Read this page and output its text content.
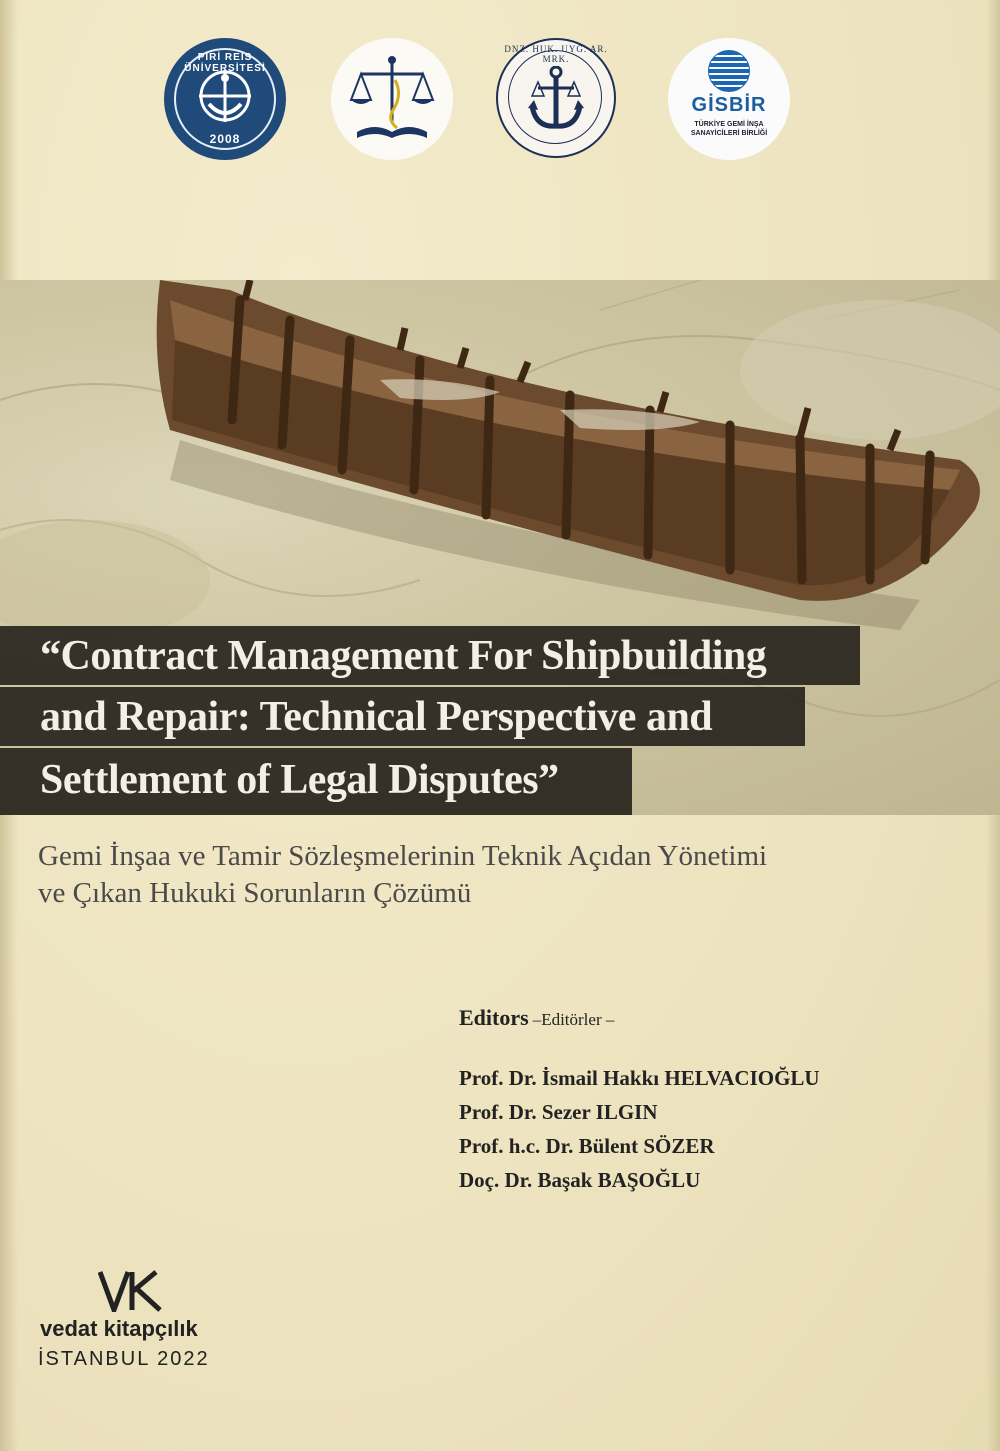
PİRİ REİS ÜNİVERSİTESİ
2008
DNZ. HUK. UYG. AR. MRK.
GİSBİR
TÜRKİYE GEMİ İNŞA
SANAYİCİLERİ BİRLİĞİ
“Contract Management For Shipbuilding
and Repair: Technical Perspective and
Settlement of Legal Disputes”
Gemi İnşaa ve Tamir Sözleşmelerinin Teknik Açıdan Yönetimi
ve Çıkan Hukuki Sorunların Çözümü
Editors –Editörler –
Prof. Dr. İsmail Hakkı HELVACIOĞLU
Prof. Dr. Sezer ILGIN
Prof. h.c. Dr. Bülent SÖZER
Doç. Dr. Başak BAŞOĞLU
vedat kitapçılık
İSTANBUL 2022
